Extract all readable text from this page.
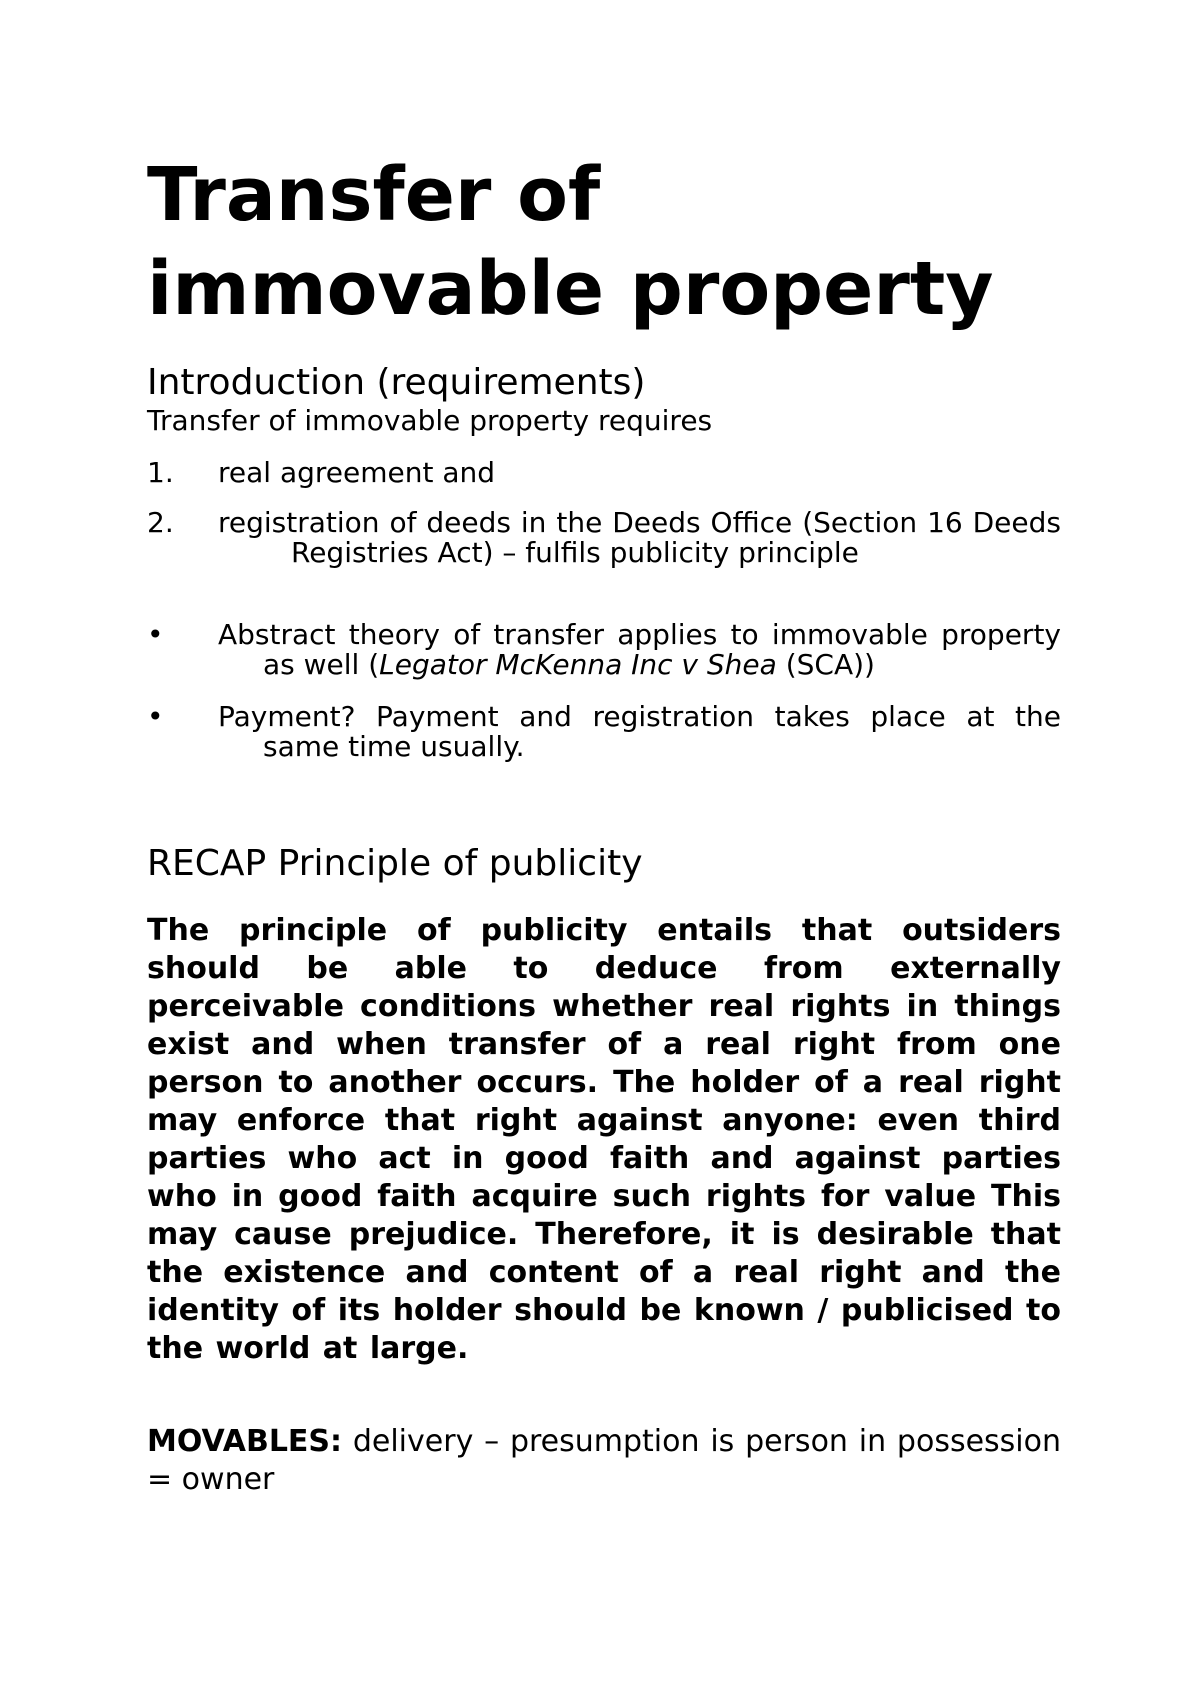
Transfer of
immovable property
Introduction (requirements)

Transfer of immovable property requires

1. real agreement and
2. registration of deeds in the Deeds Office (Section 16 Deeds Registries Act) – fulfils publicity principle
• Abstract theory of transfer applies to immovable property as well (Legator McKenna Inc v Shea (SCA))
• Payment? Payment and registration takes place at the same time usually.
RECAP Principle of publicity

The principle of publicity entails that outsiders should be able to deduce from externally perceivable conditions whether real rights in things exist and when transfer of a real right from one person to another occurs. The holder of a real right may enforce that right against anyone: even third parties who act in good faith and against parties who in good faith acquire such rights for value This may cause prejudice. Therefore, it is desirable that the existence and content of a real right and the identity of its holder should be known / publicised to the world at large.

MOVABLES: delivery – presumption is person in possession = owner
